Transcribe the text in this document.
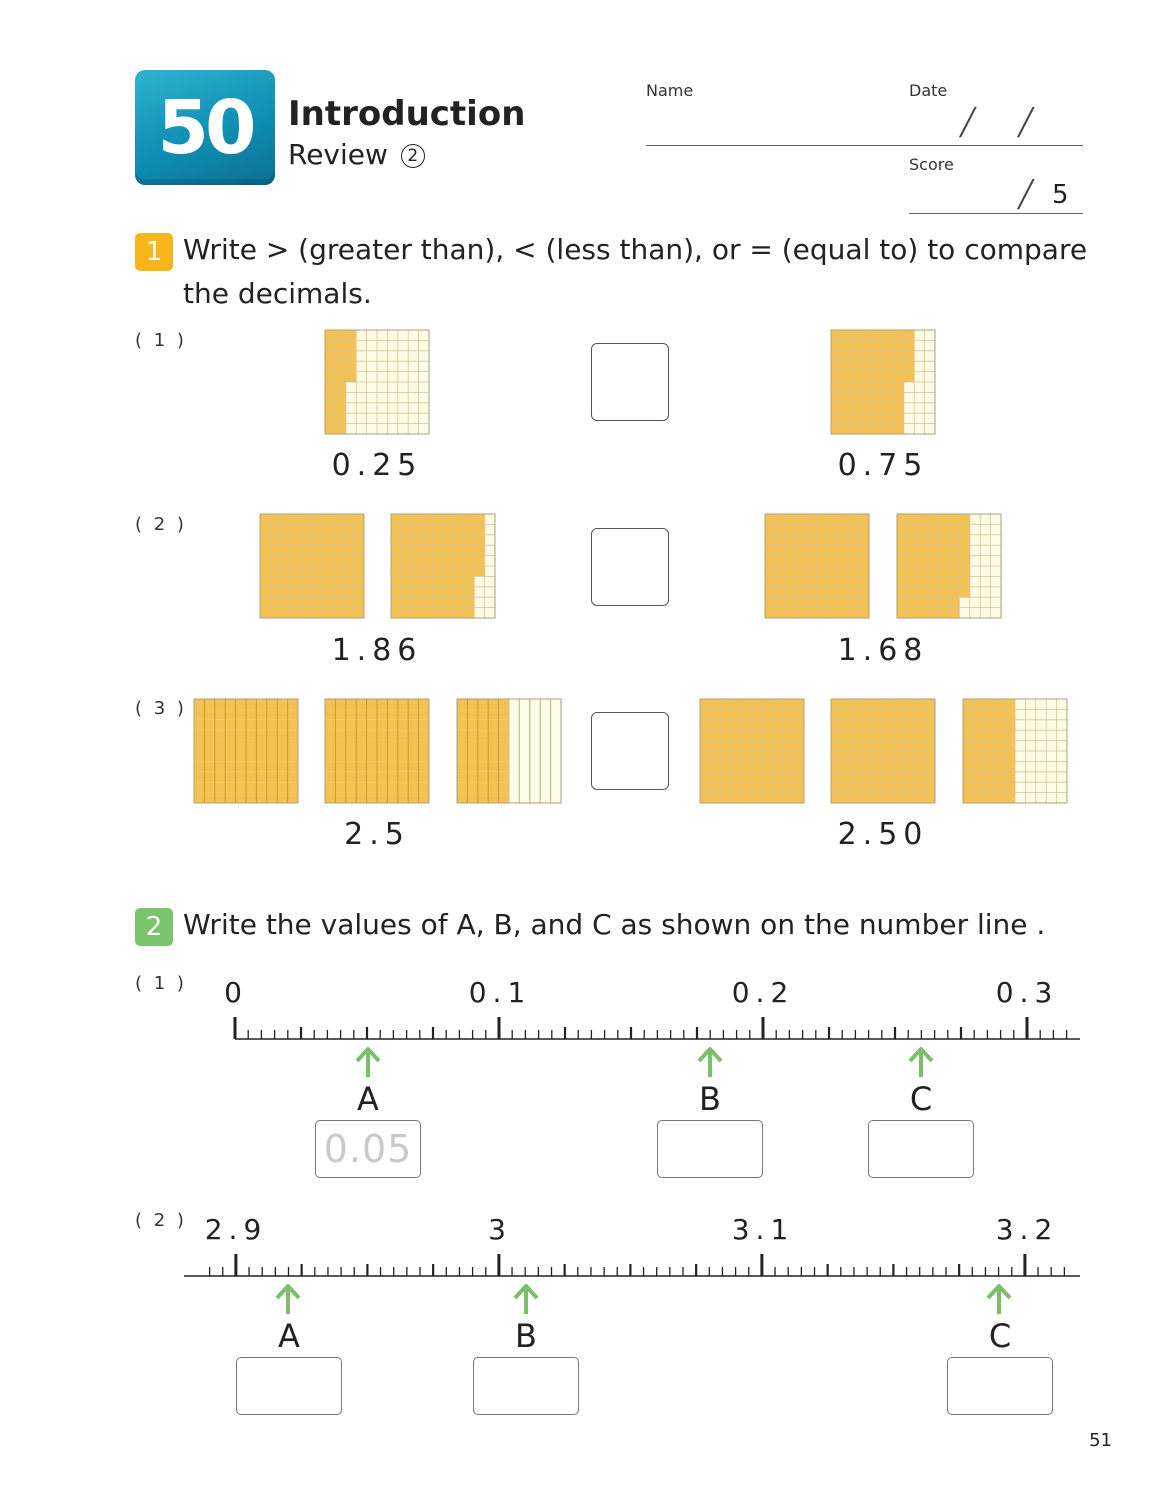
50	Introduction
Review 2
Name	Date
╱ ╱
Score
╱ 5
1 Write > (greater than), < (less than), or = (equal to) to compare the decimals.
( 1 )
( 2 )
( 3 )
0.25	0.75
1.86	1.68
2.5	2.50
2 Write the values of A, B, and C as shown on the number line .
( 1 )
( 2 )
0	0.1	0.2	0.3
A	B	C
0.05
2.9	3	3.1	3.2
A	B	C
51
